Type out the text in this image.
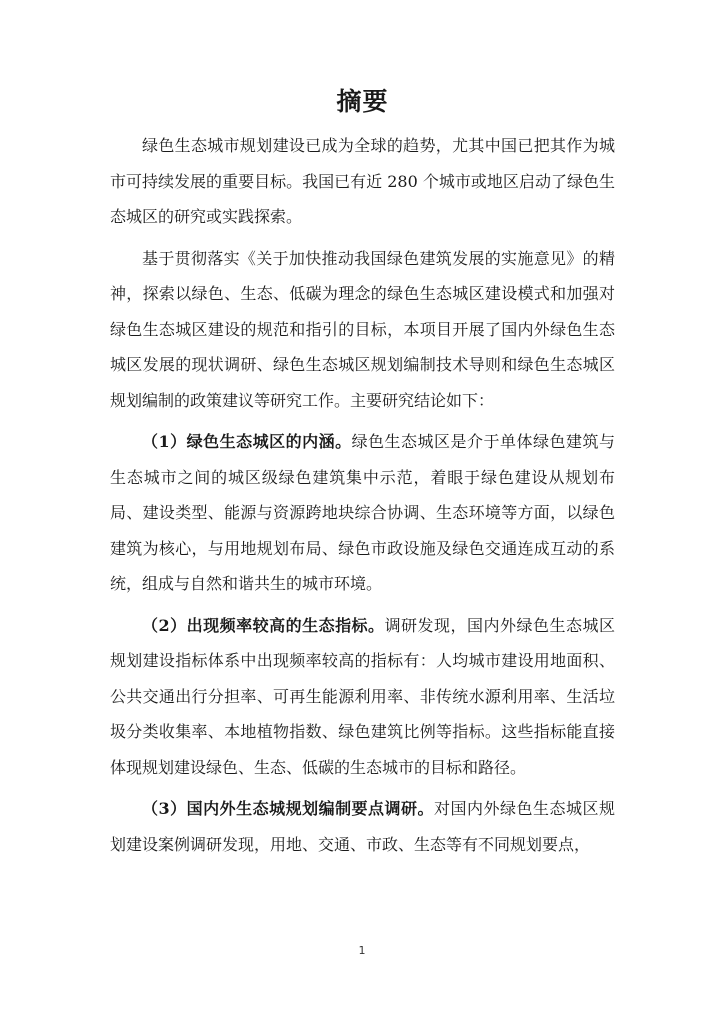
摘要

绿色生态城市规划建设已成为全球的趋势，尤其中国已把其作为城市可持续发展的重要目标。我国已有近 280 个城市或地区启动了绿色生态城区的研究或实践探索。

基于贯彻落实《关于加快推动我国绿色建筑发展的实施意见》的精神，探索以绿色、生态、低碳为理念的绿色生态城区建设模式和加强对绿色生态城区建设的规范和指引的目标，本项目开展了国内外绿色生态城区发展的现状调研、绿色生态城区规划编制技术导则和绿色生态城区规划编制的政策建议等研究工作。主要研究结论如下：

（1）绿色生态城区的内涵。绿色生态城区是介于单体绿色建筑与生态城市之间的城区级绿色建筑集中示范，着眼于绿色建设从规划布局、建设类型、能源与资源跨地块综合协调、生态环境等方面，以绿色建筑为核心，与用地规划布局、绿色市政设施及绿色交通连成互动的系统，组成与自然和谐共生的城市环境。

（2）出现频率较高的生态指标。调研发现，国内外绿色生态城区规划建设指标体系中出现频率较高的指标有：人均城市建设用地面积、公共交通出行分担率、可再生能源利用率、非传统水源利用率、生活垃圾分类收集率、本地植物指数、绿色建筑比例等指标。这些指标能直接体现规划建设绿色、生态、低碳的生态城市的目标和路径。

（3）国内外生态城规划编制要点调研。对国内外绿色生态城区规划建设案例调研发现，用地、交通、市政、生态等有不同规划要点，

1
